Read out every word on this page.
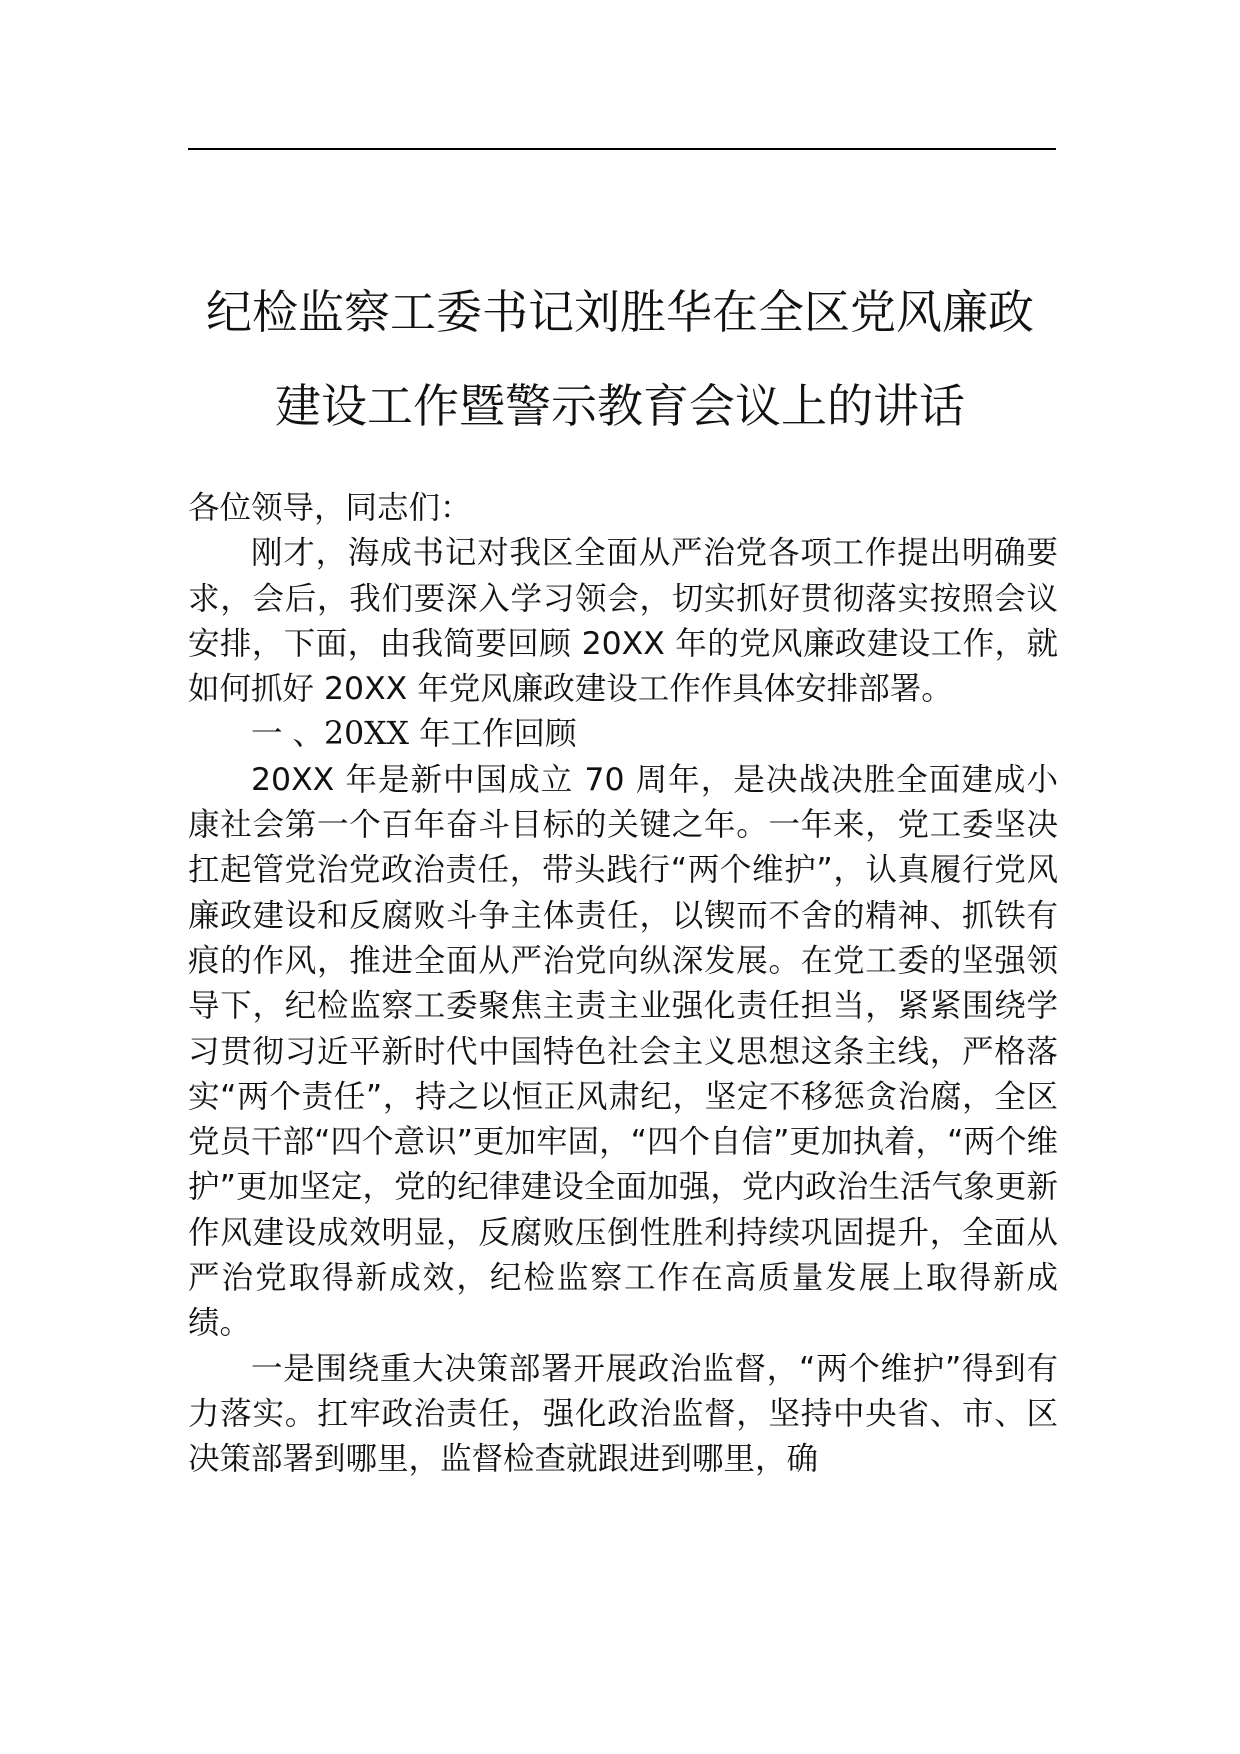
纪检监察工委书记刘胜华在全区党风廉政

建设工作暨警示教育会议上的讲话

各位领导，同志们：

刚才，海成书记对我区全面从严治党各项工作提出明确要求，会后，我们要深入学习领会，切实抓好贯彻落实按照会议安排，下面，由我简要回顾 20XX 年的党风廉政建设工作，就如何抓好 20XX 年党风廉政建设工作作具体安排部署。

一 、20XX 年工作回顾

20XX 年是新中国成立 70 周年，是决战决胜全面建成小康社会第一个百年奋斗目标的关键之年。一年来，党工委坚决扛起管党治党政治责任，带头践行“两个维护”，认真履行党风廉政建设和反腐败斗争主体责任，以锲而不舍的精神、抓铁有痕的作风，推进全面从严治党向纵深发展。在党工委的坚强领导下，纪检监察工委聚焦主责主业强化责任担当，紧紧围绕学习贯彻习近平新时代中国特色社会主义思想这条主线，严格落实“两个责任”，持之以恒正风肃纪，坚定不移惩贪治腐，全区党员干部“四个意识”更加牢固，“四个自信”更加执着，“两个维护”更加坚定，党的纪律建设全面加强，党内政治生活气象更新作风建设成效明显，反腐败压倒性胜利持续巩固提升，全面从严治党取得新成效，纪检监察工作在高质量发展上取得新成绩。

一是围绕重大决策部署开展政治监督，“两个维护”得到有力落实。扛牢政治责任，强化政治监督，坚持中央省、市、区决策部署到哪里，监督检查就跟进到哪里，确
